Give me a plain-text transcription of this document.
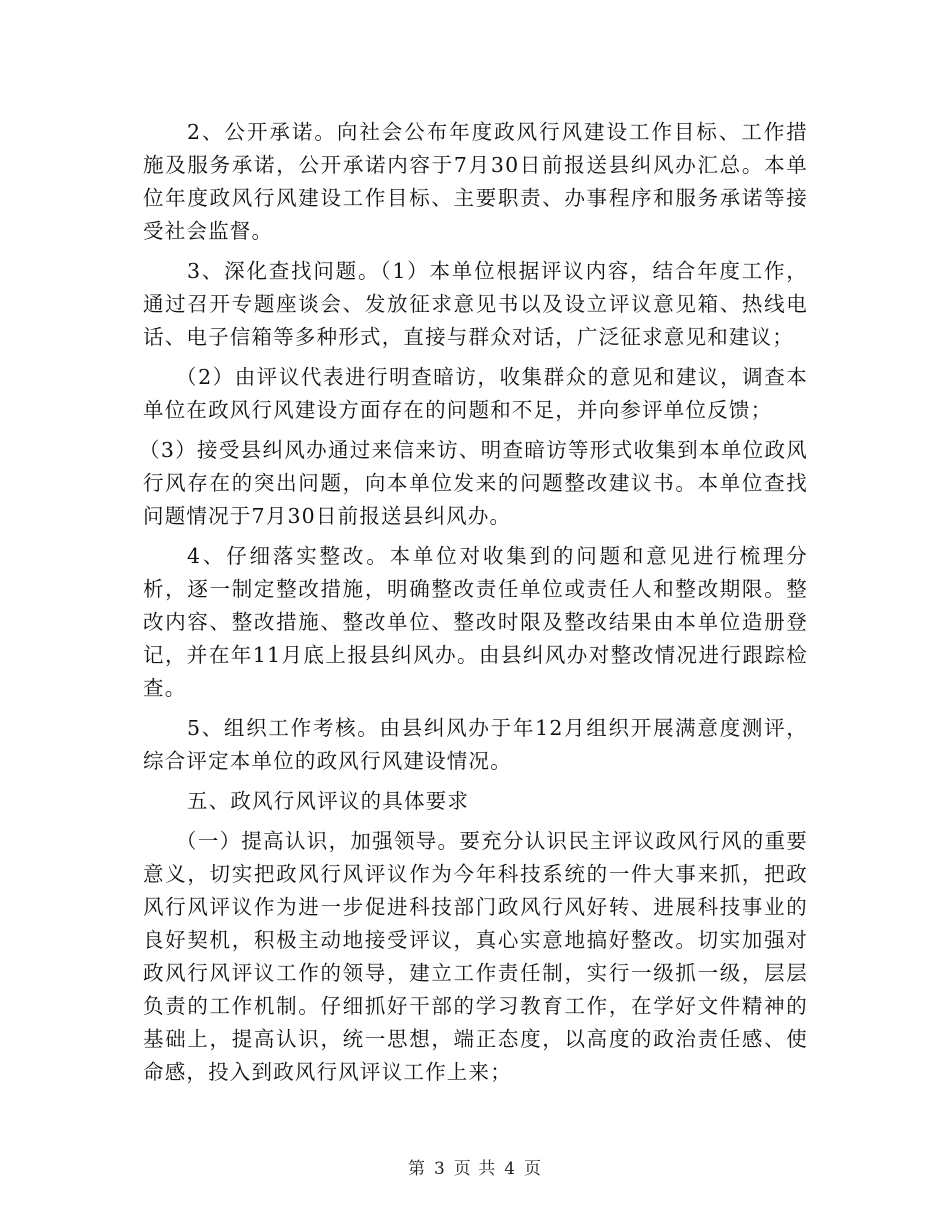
2、公开承诺。向社会公布年度政风行风建设工作目标、工作措施及服务承诺，公开承诺内容于7月30日前报送县纠风办汇总。本单位年度政风行风建设工作目标、主要职责、办事程序和服务承诺等接受社会监督。

3、深化查找问题。（1）本单位根据评议内容，结合年度工作，通过召开专题座谈会、发放征求意见书以及设立评议意见箱、热线电话、电子信箱等多种形式，直接与群众对话，广泛征求意见和建议；

（2）由评议代表进行明查暗访，收集群众的意见和建议，调查本单位在政风行风建设方面存在的问题和不足，并向参评单位反馈；

（3）接受县纠风办通过来信来访、明查暗访等形式收集到本单位政风行风存在的突出问题，向本单位发来的问题整改建议书。本单位查找问题情况于7月30日前报送县纠风办。

4、仔细落实整改。本单位对收集到的问题和意见进行梳理分析，逐一制定整改措施，明确整改责任单位或责任人和整改期限。整改内容、整改措施、整改单位、整改时限及整改结果由本单位造册登记，并在年11月底上报县纠风办。由县纠风办对整改情况进行跟踪检查。

5、组织工作考核。由县纠风办于年12月组织开展满意度测评，综合评定本单位的政风行风建设情况。

五、政风行风评议的具体要求

（一）提高认识，加强领导。要充分认识民主评议政风行风的重要意义，切实把政风行风评议作为今年科技系统的一件大事来抓，把政风行风评议作为进一步促进科技部门政风行风好转、进展科技事业的良好契机，积极主动地接受评议，真心实意地搞好整改。切实加强对政风行风评议工作的领导，建立工作责任制，实行一级抓一级，层层负责的工作机制。仔细抓好干部的学习教育工作，在学好文件精神的基础上，提高认识，统一思想，端正态度，以高度的政治责任感、使命感，投入到政风行风评议工作上来；

第 3 页 共 4 页
